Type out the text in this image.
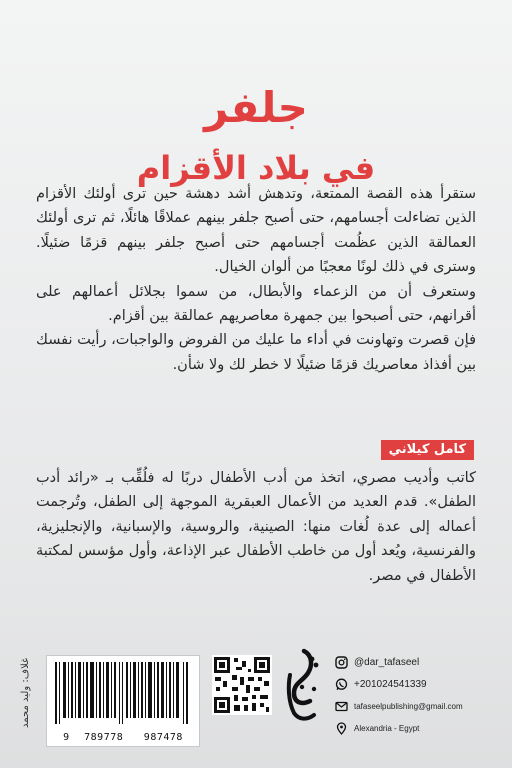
جلفر
في بلاد الأقزام

ستقرأ هذه القصة الممتعة، وتدهش أشد دهشة حين ترى أولئك الأقزام الذين تضاءلت أجسامهم، حتى أصبح جلفر بينهم عملاقًا هائلًا، ثم ترى أولئك العمالقة الذين عظُمت أجسامهم حتى أصبح جلفر بينهم قزمًا ضئيلًا. وسترى في ذلك لونًا معجبًا من ألوان الخيال.

وستعرف أن من الزعماء والأبطال، من سموا بجلائل أعمالهم على أقرانهم، حتى أصبحوا بين جمهرة معاصريهم عمالقة بين أقزام.

فإن قصرت وتهاونت في أداء ما عليك من الفروض والواجبات، رأيت نفسك بين أفذاذ معاصريك قزمًا ضئيلًا لا خطر لك ولا شأن.

كامل كيلاني

كاتب وأديب مصري، اتخذ من أدب الأطفال دربًا له فلُقِّب بـ «رائد أدب الطفل». قدم العديد من الأعمال العبقرية الموجهة إلى الطفل، وتُرجمت أعماله إلى عدة لُغات منها: الصينية، والروسية، والإسبانية، والإنجليزية، والفرنسية، ويُعد أول من خاطب الأطفال عبر الإذاعة، وأول مؤسس لمكتبة الأطفال في مصر.

غلاف: وليد محمد
9 789778 987478
@dar_tafaseel
+201024541339
tafaseelpublishing@gmail.com
Alexandria - Egypt
